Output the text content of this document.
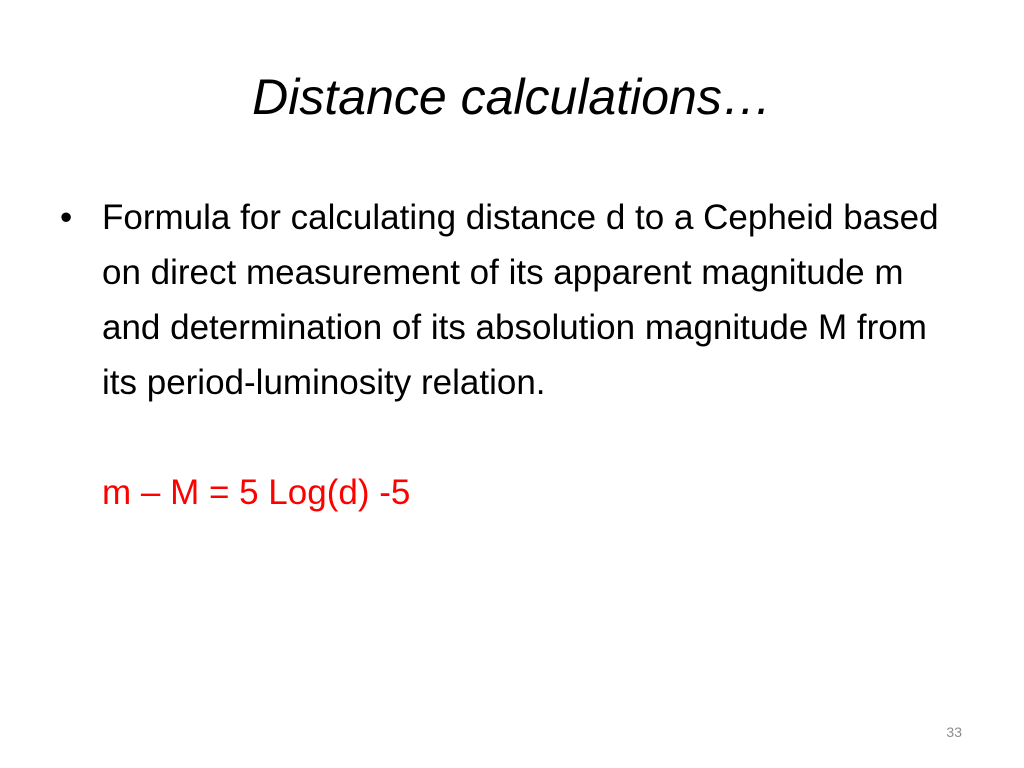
Distance calculations…
• Formula for calculating distance d to a Cepheid based on direct measurement of its apparent magnitude m and determination of its absolution magnitude M from its period-luminosity relation.
m – M = 5 Log(d) -5
33
